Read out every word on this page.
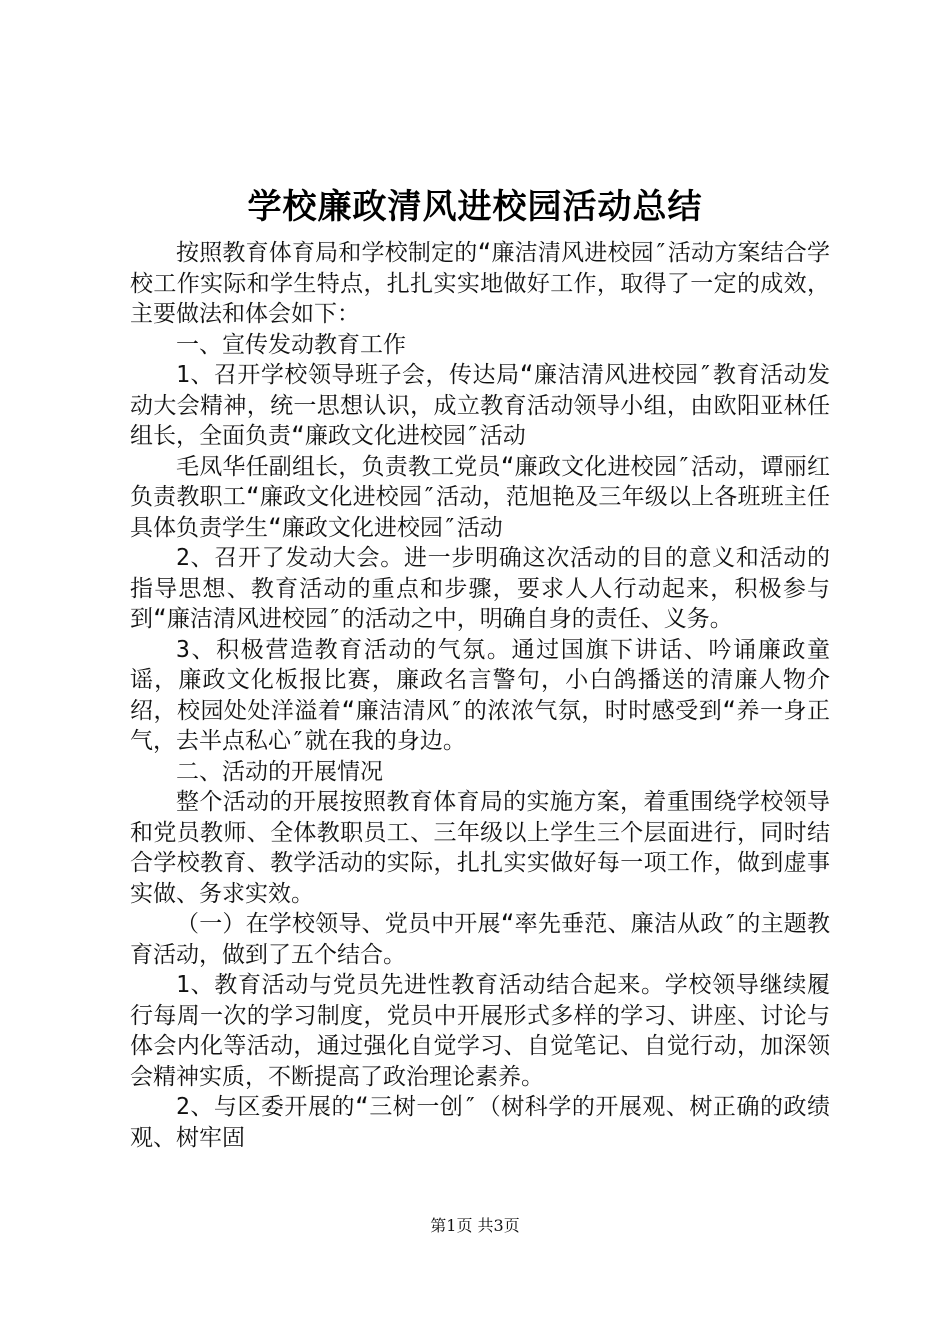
学校廉政清风进校园活动总结

按照教育体育局和学校制定的“廉洁清风进校园″活动方案结合学校工作实际和学生特点，扎扎实实地做好工作，取得了一定的成效，主要做法和体会如下：

一、宣传发动教育工作

1、召开学校领导班子会，传达局“廉洁清风进校园″教育活动发动大会精神，统一思想认识，成立教育活动领导小组，由欧阳亚林任组长，全面负责“廉政文化进校园″活动

毛凤华任副组长，负责教工党员“廉政文化进校园″活动，谭丽红负责教职工“廉政文化进校园″活动，范旭艳及三年级以上各班班主任具体负责学生“廉政文化进校园″活动

2、召开了发动大会。进一步明确这次活动的目的意义和活动的指导思想、教育活动的重点和步骤，要求人人行动起来，积极参与到“廉洁清风进校园″的活动之中，明确自身的责任、义务。

3、积极营造教育活动的气氛。通过国旗下讲话、吟诵廉政童谣，廉政文化板报比赛，廉政名言警句，小白鸽播送的清廉人物介绍，校园处处洋溢着“廉洁清风″的浓浓气氛，时时感受到“养一身正气，去半点私心″就在我的身边。

二、活动的开展情况

整个活动的开展按照教育体育局的实施方案，着重围绕学校领导和党员教师、全体教职员工、三年级以上学生三个层面进行，同时结合学校教育、教学活动的实际，扎扎实实做好每一项工作，做到虚事实做、务求实效。

（一）在学校领导、党员中开展“率先垂范、廉洁从政″的主题教育活动，做到了五个结合。

1、教育活动与党员先进性教育活动结合起来。学校领导继续履行每周一次的学习制度，党员中开展形式多样的学习、讲座、讨论与体会内化等活动，通过强化自觉学习、自觉笔记、自觉行动，加深领会精神实质，不断提高了政治理论素养。

2、与区委开展的“三树一创″（树科学的开展观、树正确的政绩观、树牢固

第1页 共3页
